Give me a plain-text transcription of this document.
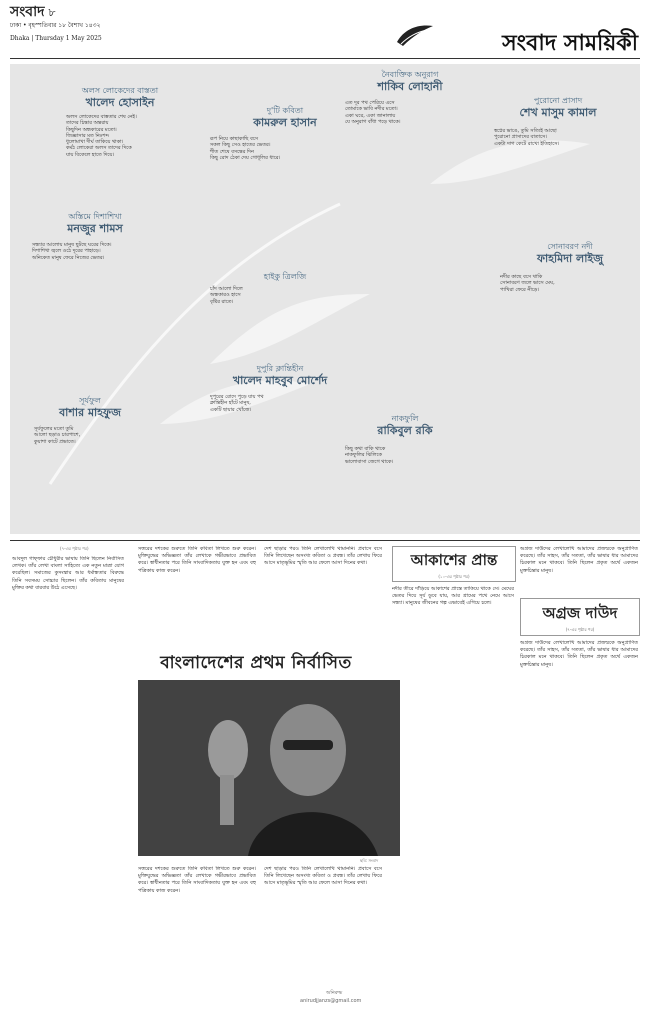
সংবাদ ৮
ঢাকা • বৃহস্পতিবার ১৮ বৈশাখ ১৪৩২
Dhaka | Thursday 1 May 2025	সংবাদ সাময়িকী
অলস লোকেদের বাস্ততা
খালেদ হোসাইন
অলস লোকেদের বাস্ততার শেষ নেই।
তাদের চিন্তার অন্তরায়
কিছুদিন অন্ধকারের মতো।
জিজ্ঞাসার মত নিঃশব্দ
ধুলোমাখা দীর্ঘ তাকিয়ে থাকা।
কর্মঠ লোকেরা অলস তাদের দিকে
যায় বিকেলে হাতে দিয়ে।
দু'টি কবিতা
কামরুল হাসান
রূপ নিয়ে কাছাকাছি বসে
সকল কিছু সেও হাতের ভেতর।
শীত শেষে বসন্তের দিন
কিছু রোদ ঠেকা দেয় গোধূলির ধারে।
নৈবাক্তিক অনুরাগ
শাকিব লোহানী
এত দূর পথ পেরিয়ে এসে
তোমাকে ভাবি নদীর মতো।
একা ঘরে, একা জানালায়
যে অনুরাগ বাঁধা পড়ে থাকে।
পুরোনো প্রাসাদ
শেখ মাসুম কামাল
স্বপ্নের ভাঙে, তুমি সত্যিই আছো
পুরোনো প্রাসাদের বাতাসে।
একটা দাগ কেটে রাখো ইতিহাসে।
অস্তিমে দিশাশিখা
মনজুর শামস
সন্ধ্যার আলোয় মানুষ ছুটছে ঘরের দিকে।
দিশাশিখা জ্বলে ওঠে দূরের পাহাড়ে।
অনিকেত মানুষ ফেরে নিজের ভেতর।
হাইকু ত্রিলজি
চাঁদ আলো দিলে
অন্ধকারও হাসে
বৃষ্টির রাতে।
দুপুরি ক্লান্তিহীন
খালেদ মাহবুব মোর্শেদ
দুপুরের রোদে পুড়ে যায় পথ
ক্লান্তিহীন হাঁটে মানুষ,
একটি ছায়ার খোঁজে।
সোনাবরণ নদী
ফাহমিদা লাইজু
নদীর কাছে বসে থাকি
সোনাবরণ জলে ভাসে মেঘ,
পাখিরা ফেরে নীড়ে।
সূর্যফুল
বাশার মাহফুজ
সূর্যফুলের মতো তুমি
আলো ছড়াও চারপাশে,
কুয়াশা কাটে প্রভাতে।
নাকফুলি
রাকিবুল রকি
কিছু কথা বাকি থাকে
নাকফুলির ঝিলিকে
ভালোবাসা জেগে থাকে।
(৭-এর পৃষ্ঠার পর)
আবদুল গাফ্ফার চৌধুরীর ভাষায় তিনি ছিলেন নির্বাসিত লেখক। তাঁর লেখা বাংলা সাহিত্যে এক নতুন মাত্রা যোগ করেছিল। সমাজের কুসংস্কার আর ধর্মান্ধতার বিরুদ্ধে তিনি সবসময় সোচ্চার ছিলেন। তাঁর কবিতায় মানুষের মুক্তির কথা বারবার উঠে এসেছে।
সত্তরের দশকের শুরুতে তিনি কবিতা লিখতে শুরু করেন। মুক্তিযুদ্ধের অভিজ্ঞতা তাঁর লেখাকে গভীরভাবে প্রভাবিত করে। স্বাধীনতার পরে তিনি সাংবাদিকতায় যুক্ত হন এবং বহু পত্রিকায় কাজ করেন।
দেশ ছাড়ার পরও তিনি লেখালেখি থামাননি। প্রবাসে বসে তিনি লিখেছেন অসংখ্য কবিতা ও প্রবন্ধ। তাঁর লেখায় ফিরে আসে মাতৃভূমির স্মৃতি আর ফেলে আসা দিনের কথা।
বাংলাদেশের প্রথম নির্বাসিত
ছবি: সংবাদ
সত্তরের দশকের শুরুতে তিনি কবিতা লিখতে শুরু করেন। মুক্তিযুদ্ধের অভিজ্ঞতা তাঁর লেখাকে গভীরভাবে প্রভাবিত করে। স্বাধীনতার পরে তিনি সাংবাদিকতায় যুক্ত হন এবং বহু পত্রিকায় কাজ করেন।
দেশ ছাড়ার পরও তিনি লেখালেখি থামাননি। প্রবাসে বসে তিনি লিখেছেন অসংখ্য কবিতা ও প্রবন্ধ। তাঁর লেখায় ফিরে আসে মাতৃভূমির স্মৃতি আর ফেলে আসা দিনের কথা।
অনিরুদ্ধ
anirudjjanzs@gmail.com
আকাশের প্রান্ত
(১০-এর পৃষ্ঠার পর)
নদীর তীরে দাঁড়িয়ে আকাশের প্রান্তে তাকিয়ে থাকে সে। মেঘের ভেতর দিয়ে সূর্য ডুবে যায়, আর গ্রামের পথে নেমে আসে সন্ধ্যা। মানুষের জীবনের গল্প এভাবেই এগিয়ে চলে।
অগ্রজ দাউদের লেখালেখি আমাদের প্রজন্মকে অনুপ্রাণিত করেছে। তাঁর সাহস, তাঁর সততা, তাঁর ভাষার ধার আমাদের চিরকাল মনে থাকবে। তিনি ছিলেন প্রকৃত অর্থে একজন মুক্তচিন্তার মানুষ।
অগ্রজ দাউদ
(৭-এর পৃষ্ঠার পর)
অগ্রজ দাউদের লেখালেখি আমাদের প্রজন্মকে অনুপ্রাণিত করেছে। তাঁর সাহস, তাঁর সততা, তাঁর ভাষার ধার আমাদের চিরকাল মনে থাকবে। তিনি ছিলেন প্রকৃত অর্থে একজন মুক্তচিন্তার মানুষ।
